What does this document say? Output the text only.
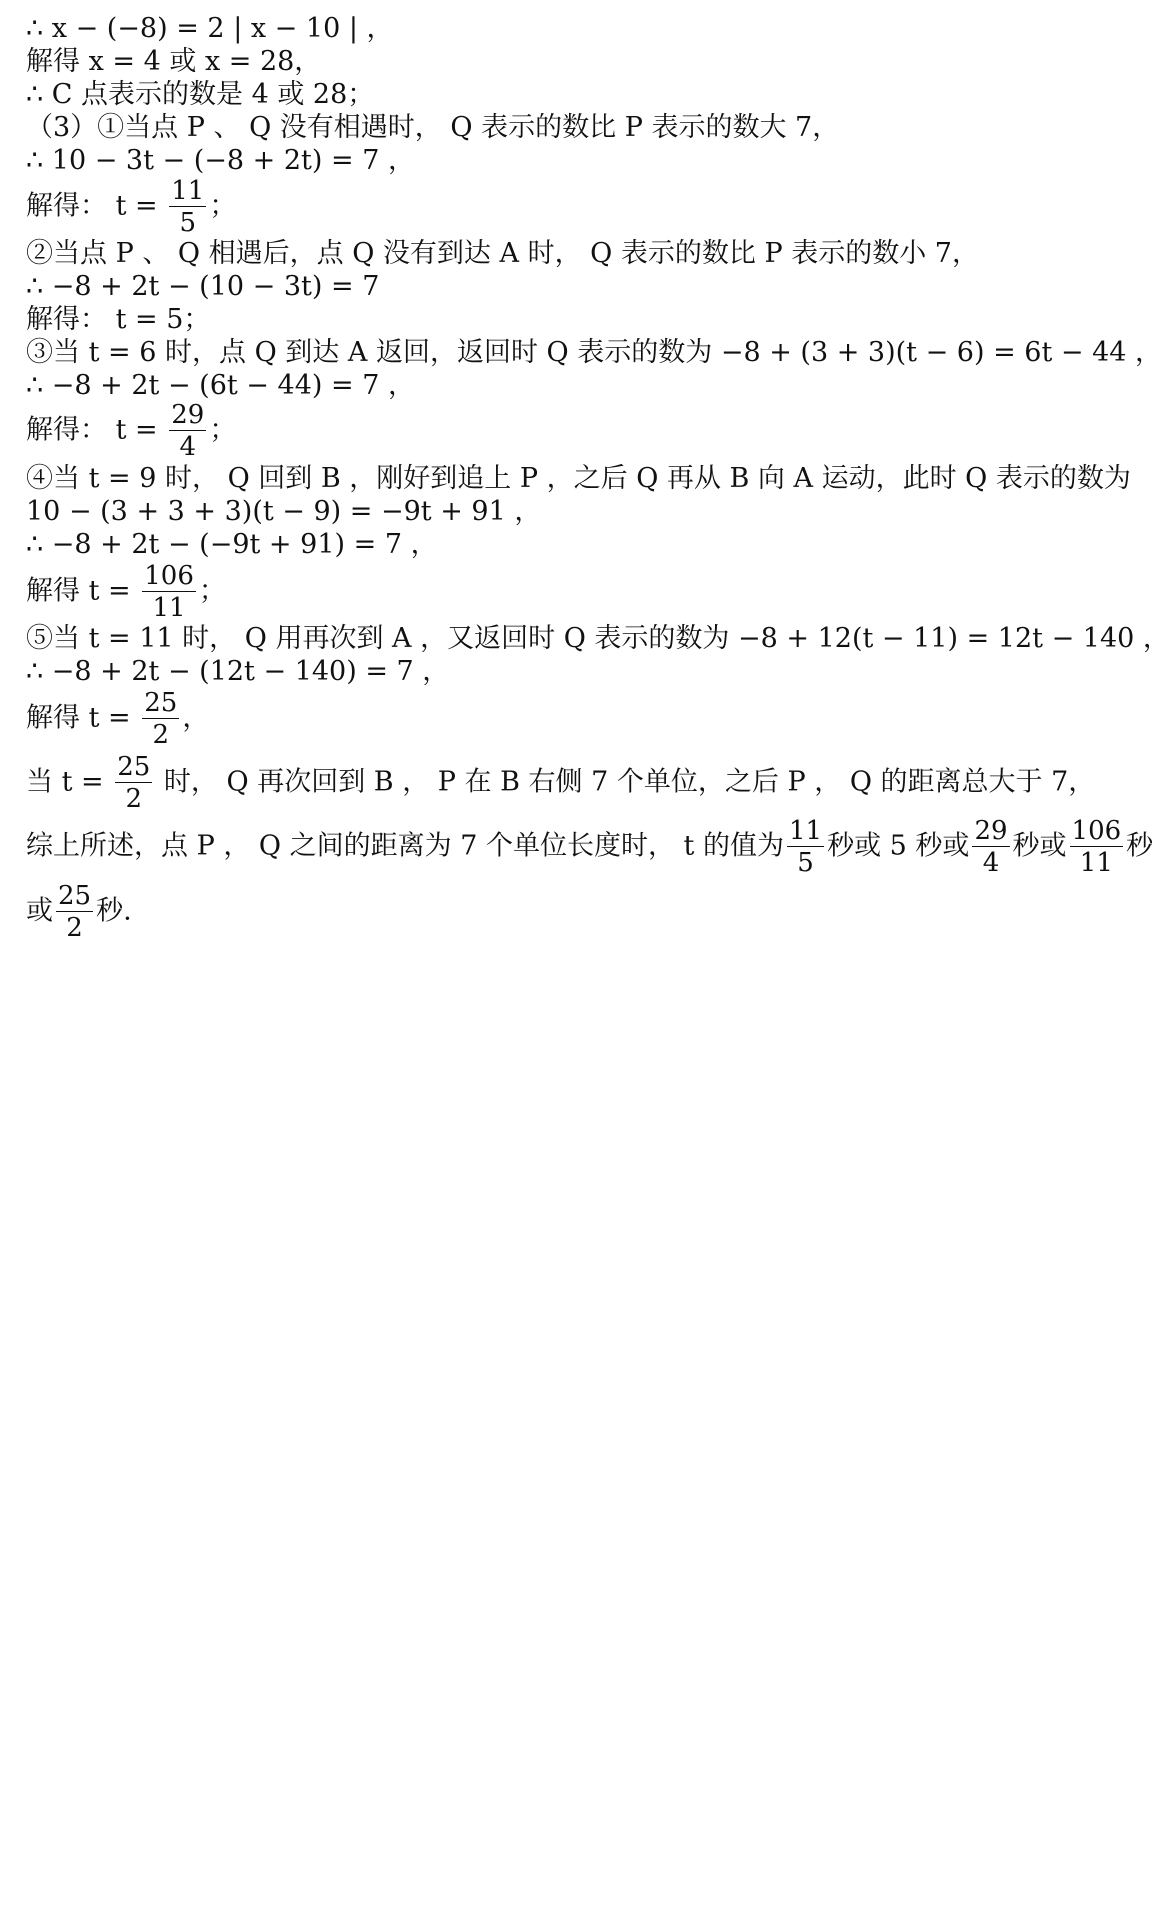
∴ x − (−8) = 2 | x − 10 | ，
解得 x = 4 或 x = 28，
∴ C 点表示的数是 4 或 28；
（3）①当点 P 、 Q 没有相遇时， Q 表示的数比 P 表示的数大 7，
∴ 10 − 3t − (−8 + 2t) = 7 ，
解得： $t = \frac{11}{5}$ ；
②当点 P 、 Q 相遇后，点 Q 没有到达 A 时， Q 表示的数比 P 表示的数小 7，
∴ −8 + 2t − (10 − 3t) = 7
解得： t = 5；
③当 t = 6 时，点 Q 到达 A 返回，返回时 Q 表示的数为 −8 + (3 + 3)(t − 6) = 6t − 44 ，
∴ −8 + 2t − (6t − 44) = 7 ，
解得： $t = \frac{29}{4}$ ；
④当 t = 9 时， Q 回到 B ，刚好到追上 P ，之后 Q 再从 B 向 A 运动，此时 Q 表示的数为
10 − (3 + 3 + 3)(t − 9) = −9t + 91 ，
∴ −8 + 2t − (−9t + 91) = 7 ，
解得 $t = \frac{106}{11}$ ；
⑤当 t = 11 时， Q 用再次到 A ，又返回时 Q 表示的数为 −8 + 12(t − 11) = 12t − 140 ，
∴ −8 + 2t − (12t − 140) = 7 ，
解得 $t = \frac{25}{2}$ ，
当 $t = \frac{25}{2}$ 时， Q 再次回到 B ， P 在 B 右侧 7 个单位，之后 P ， Q 的距离总大于 7，
综上所述，点 P ， Q 之间的距离为 7 个单位长度时， t 的值为 $\frac{11}{5}$ 秒或 5 秒或 $\frac{29}{4}$ 秒或 $\frac{106}{11}$ 秒
或 $\frac{25}{2}$ 秒.
